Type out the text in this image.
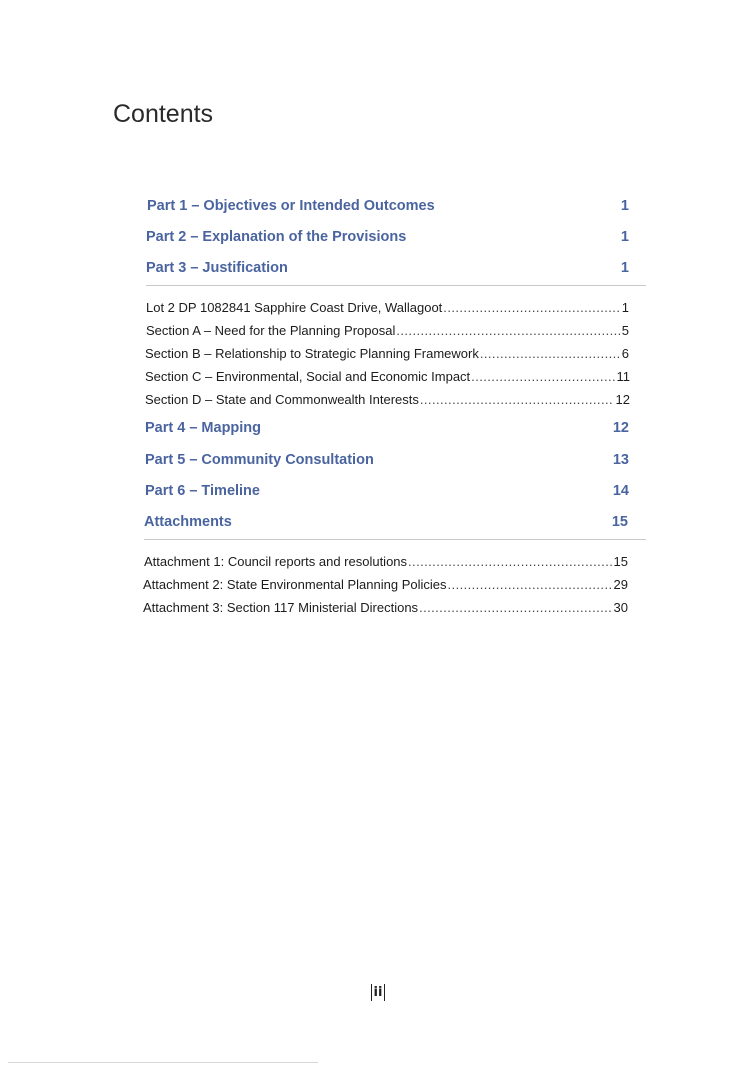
Contents
Part 1 – Objectives or Intended Outcomes	1
Part 2 – Explanation of the Provisions	1
Part 3 – Justification	1
Lot 2 DP 1082841 Sapphire Coast Drive, Wallagoot . . .	1
Section A – Need for the Planning Proposal . . .	5
Section B – Relationship to Strategic Planning Framework . . .	6
Section C – Environmental, Social and Economic Impact . . .	11
Section D – State and Commonwealth Interests . . .	12
Part 4 – Mapping	12
Part 5 – Community Consultation	13
Part 6 – Timeline	14
Attachments	15
Attachment 1: Council reports and resolutions . . .	15
Attachment 2: State Environmental Planning Policies . . .	29
Attachment 3: Section 117 Ministerial Directions . . .	30
ii
